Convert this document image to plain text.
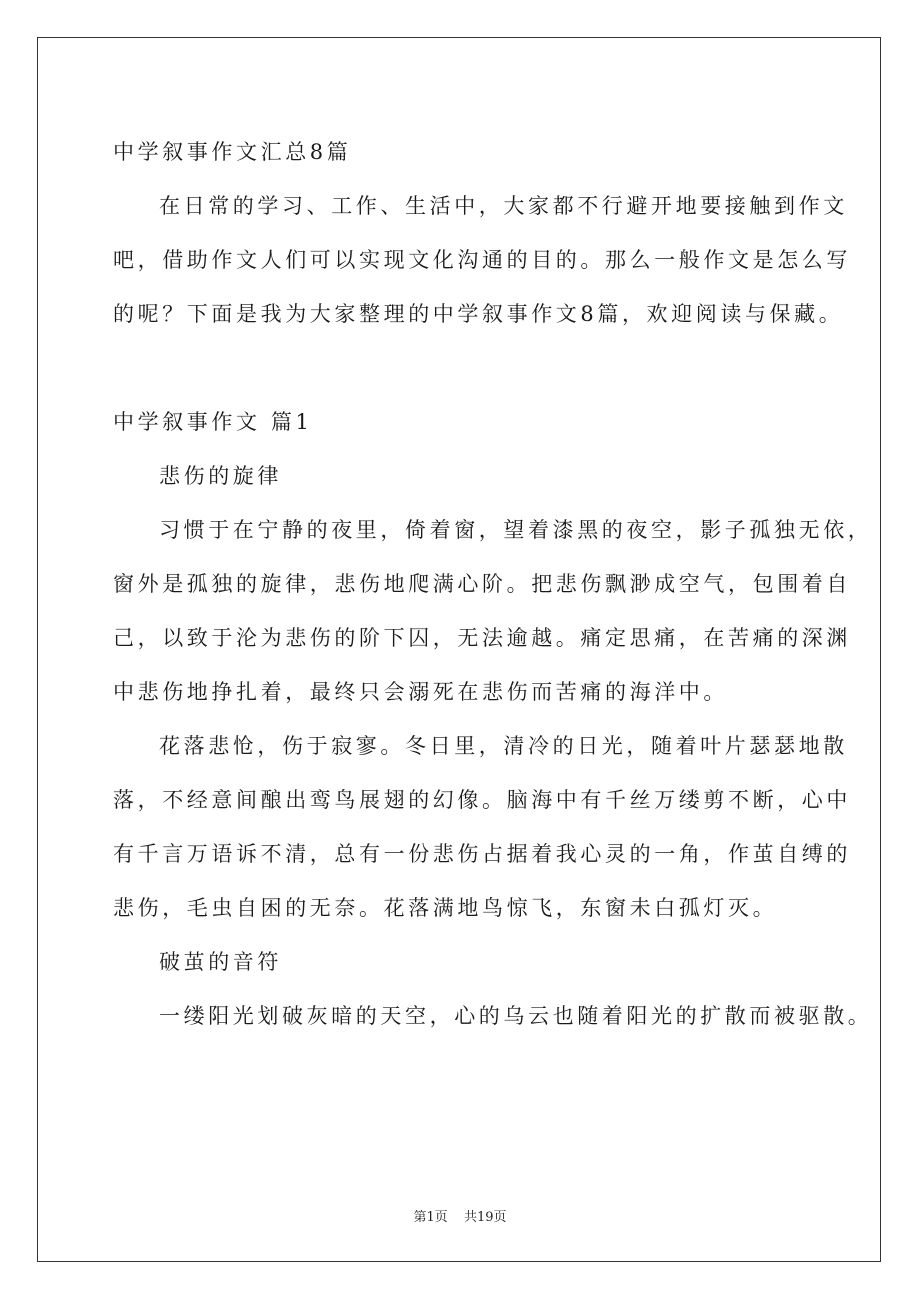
中学叙事作文汇总8篇

在日常的学习、工作、生活中，大家都不行避开地要接触到作文

吧，借助作文人们可以实现文化沟通的目的。那么一般作文是怎么写

的呢？下面是我为大家整理的中学叙事作文8篇，欢迎阅读与保藏。

中学叙事作文 篇1

悲伤的旋律

习惯于在宁静的夜里，倚着窗，望着漆黑的夜空，影子孤独无依，

窗外是孤独的旋律，悲伤地爬满心阶。把悲伤飘渺成空气，包围着自

己，以致于沦为悲伤的阶下囚，无法逾越。痛定思痛，在苦痛的深渊

中悲伤地挣扎着，最终只会溺死在悲伤而苦痛的海洋中。

花落悲怆，伤于寂寥。冬日里，清冷的日光，随着叶片瑟瑟地散

落，不经意间酿出鸾鸟展翅的幻像。脑海中有千丝万缕剪不断，心中

有千言万语诉不清，总有一份悲伤占据着我心灵的一角，作茧自缚的

悲伤，毛虫自困的无奈。花落满地鸟惊飞，东窗未白孤灯灭。

破茧的音符

一缕阳光划破灰暗的天空，心的乌云也随着阳光的扩散而被驱散。

第1页 共19页
